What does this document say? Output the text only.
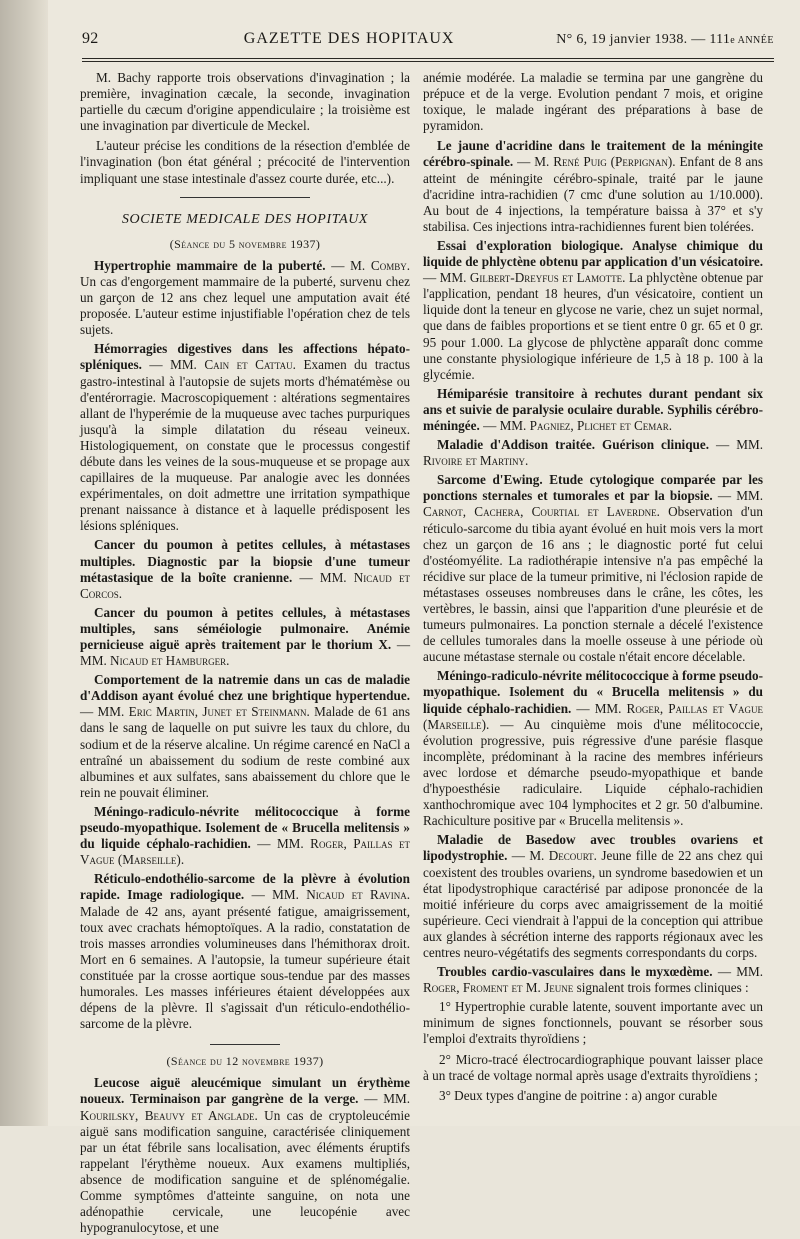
92	GAZETTE DES HOPITAUX	N° 6, 19 janvier 1938. — 111e ANNÉE

M. Bachy rapporte trois observations d'invagination ; la première, invagination cæcale, la seconde, invagination partielle du cæcum d'origine appendiculaire ; la troisième est une invagination par diverticule de Meckel.

L'auteur précise les conditions de la résection d'emblée de l'invagination (bon état général ; précocité de l'intervention impliquant une stase intestinale d'assez courte durée, etc...).

SOCIETE MEDICALE DES HOPITAUX
(Séance du 5 novembre 1937)

Hypertrophie mammaire de la puberté. — M. Comby. Un cas d'engorgement mammaire de la puberté, survenu chez un garçon de 12 ans chez lequel une amputation avait été proposée. L'auteur estime injustifiable l'opération chez de tels sujets.

Hémorragies digestives dans les affections hépato-spléniques. — MM. Cain et Cattau. Examen du tractus gastro-intestinal à l'autopsie de sujets morts d'hématémèse ou d'entérorragie. Macroscopiquement : altérations segmentaires allant de l'hyperémie de la muqueuse avec taches purpuriques jusqu'à la simple dilatation du réseau veineux. Histologiquement, on constate que le processus congestif débute dans les veines de la sous-muqueuse et se propage aux capillaires de la muqueuse. Par analogie avec les données expérimentales, on doit admettre une irritation sympathique prenant naissance à distance et à laquelle prédisposent les lésions spléniques.

Cancer du poumon à petites cellules, à métastases multiples. Diagnostic par la biopsie d'une tumeur métastasique de la boîte cranienne. — MM. Nicaud et Corcos.

Cancer du poumon à petites cellules, à métastases multiples, sans séméiologie pulmonaire. Anémie pernicieuse aiguë après traitement par le thorium X. — MM. Nicaud et Hamburger.

Comportement de la natremie dans un cas de maladie d'Addison ayant évolué chez une brightique hypertendue. — MM. Eric Martin, Junet et Steinmann. Malade de 61 ans dans le sang de laquelle on put suivre les taux du chlore, du sodium et de la réserve alcaline. Un régime carencé en NaCl a entraîné un abaissement du sodium de reste combiné aux albumines et aux sulfates, sans abaissement du chlore que le rein ne pouvait éliminer.

Méningo-radiculo-névrite mélitococcique à forme pseudo-myopathique. Isolement de « Brucella melitensis » du liquide céphalo-rachidien. — MM. Roger, Paillas et Vague (Marseille).

Réticulo-endothélio-sarcome de la plèvre à évolution rapide. Image radiologique. — MM. Nicaud et Ravina. Malade de 42 ans, ayant présenté fatigue, amaigrissement, toux avec crachats hémoptoïques. A la radio, constatation de trois masses arrondies volumineuses dans l'hémithorax droit. Mort en 6 semaines. A l'autopsie, la tumeur supérieure était constituée par la crosse aortique sous-tendue par des masses humorales. Les masses inférieures étaient développées aux dépens de la plèvre. Il s'agissait d'un réticulo-endothélio-sarcome de la plèvre.

(Séance du 12 novembre 1937)

Leucose aiguë aleucémique simulant un érythème noueux. Terminaison par gangrène de la verge. — MM. Kourilsky, Beauvy et Anglade. Un cas de cryptoleucémie aiguë sans modification sanguine, caractérisée cliniquement par un état fébrile sans localisation, avec éléments éruptifs rappelant l'érythème noueux. Aux examens multipliés, absence de modification sanguine et de splénomégalie. Comme symptômes d'atteinte sanguine, on nota une adénopathie cervicale, une leucopénie avec hypogranulocytose, et une

anémie modérée. La maladie se termina par une gangrène du prépuce et de la verge. Evolution pendant 7 mois, et origine toxique, le malade ingérant des préparations à base de pyramidon.

Le jaune d'acridine dans le traitement de la méningite cérébro-spinale. — M. René Puig (Perpignan). Enfant de 8 ans atteint de méningite cérébro-spinale, traité par le jaune d'acridine intra-rachidien (7 cmc d'une solution au 1/10.000). Au bout de 4 injections, la température baissa à 37° et s'y stabilisa. Ces injections intra-rachidiennes furent bien tolérées.

Essai d'exploration biologique. Analyse chimique du liquide de phlyctène obtenu par application d'un vésicatoire. — MM. Gilbert-Dreyfus et Lamotte. La phlyctène obtenue par l'application, pendant 18 heures, d'un vésicatoire, contient un liquide dont la teneur en glycose ne varie, chez un sujet normal, que dans de faibles proportions et se tient entre 0 gr. 65 et 0 gr. 95 pour 1.000. La glycose de phlyctène apparaît donc comme une constante physiologique inférieure de 1,5 à 18 p. 100 à la glycémie.

Hémiparésie transitoire à rechutes durant pendant six ans et suivie de paralysie oculaire durable. Syphilis cérébro-méningée. — MM. Pagniez, Plichet et Cemar.

Maladie d'Addison traitée. Guérison clinique. — MM. Rivoire et Martiny.

Sarcome d'Ewing. Etude cytologique comparée par les ponctions sternales et tumorales et par la biopsie. — MM. Carnot, Cachera, Courtial et Laverdne. Observation d'un réticulo-sarcome du tibia ayant évolué en huit mois vers la mort chez un garçon de 16 ans ; le diagnostic porté fut celui d'ostéomyélite. La radiothérapie intensive n'a pas empêché la récidive sur place de la tumeur primitive, ni l'éclosion rapide de métastases osseuses nombreuses dans le crâne, les côtes, les vertèbres, le bassin, ainsi que l'apparition d'une pleurésie et de tumeurs pulmonaires. La ponction sternale a décelé l'existence de cellules tumorales dans la moelle osseuse à une période où aucune métastase sternale ou costale n'était encore décelable.

Méningo-radiculo-névrite mélitococcique à forme pseudo-myopathique. Isolement du « Brucella melitensis » du liquide céphalo-rachidien. — MM. Roger, Paillas et Vague (Marseille). — Au cinquième mois d'une mélitococcie, évolution progressive, puis régressive d'une parésie flasque incomplète, prédominant à la racine des membres inférieurs avec lordose et démarche pseudo-myopathique et bande d'hypoesthésie radiculaire. Liquide céphalo-rachidien xanthochromique avec 104 lymphocites et 2 gr. 50 d'albumine. Rachiculture positive par « Brucella melitensis ».

Maladie de Basedow avec troubles ovariens et lipodystrophie. — M. Decourt. Jeune fille de 22 ans chez qui coexistent des troubles ovariens, un syndrome basedowien et un état lipodystrophique caractérisé par adipose prononcée de la moitié inférieure du corps avec amaigrissement de la moitié supérieure. Ceci viendrait à l'appui de la conception qui attribue aux glandes à sécrétion interne des rapports régionaux avec les centres neuro-végétatifs des segments correspondants du corps.

Troubles cardio-vasculaires dans le myxœdème. — MM. Roger, Froment et M. Jeune signalent trois formes cliniques :

1° Hypertrophie curable latente, souvent importante avec un minimum de signes fonctionnels, pouvant se résorber sous l'emploi d'extraits thyroïdiens ;

2° Micro-tracé électrocardiographique pouvant laisser place à un tracé de voltage normal après usage d'extraits thyroïdiens ;

3° Deux types d'angine de poitrine : a) angor curable
